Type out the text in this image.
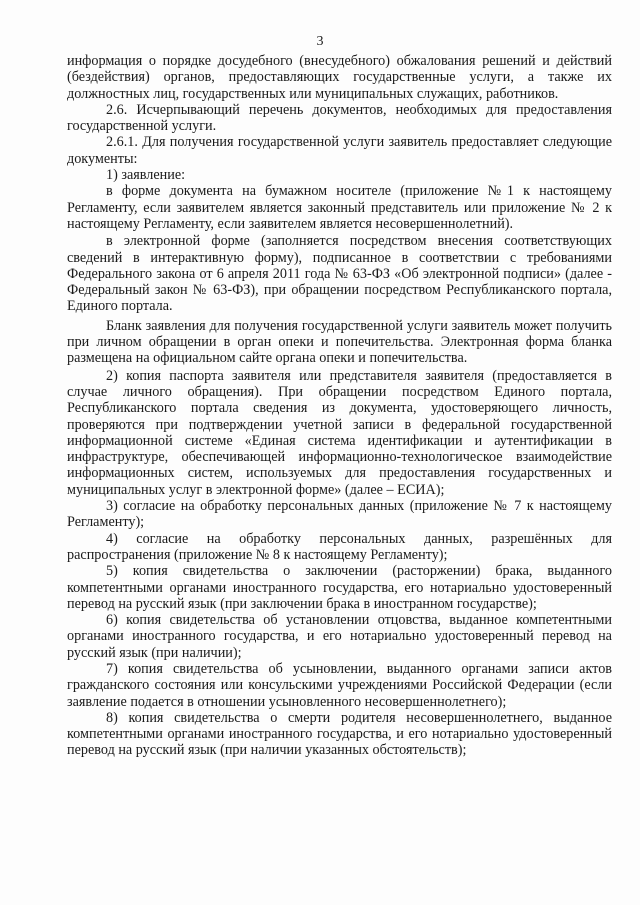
3

информация о порядке досудебного (внесудебного) обжалования решений и действий (бездействия) органов, предоставляющих государственные услуги, а также их должностных лиц, государственных или муниципальных служащих, работников.

2.6. Исчерпывающий перечень документов, необходимых для предоставления государственной услуги.

2.6.1. Для получения государственной услуги заявитель предоставляет следующие документы:

1) заявление:

в форме документа на бумажном носителе (приложение №1 к настоящему Регламенту, если заявителем является законный представитель или приложение № 2 к настоящему Регламенту, если заявителем является несовершеннолетний).

в электронной форме (заполняется посредством внесения соответствующих сведений в интерактивную форму), подписанное в соответствии с требованиями Федерального закона от 6 апреля 2011 года № 63-ФЗ «Об электронной подписи» (далее - Федеральный закон № 63-ФЗ), при обращении посредством Республиканского портала, Единого портала.

Бланк заявления для получения государственной услуги заявитель может получить при личном обращении в орган опеки и попечительства. Электронная форма бланка размещена на официальном сайте органа опеки и попечительства.

2) копия паспорта заявителя или представителя заявителя (предоставляется в случае личного обращения). При обращении посредством Единого портала, Республиканского портала сведения из документа, удостоверяющего личность, проверяются при подтверждении учетной записи в федеральной государственной информационной системе «Единая система идентификации и аутентификации в инфраструктуре, обеспечивающей информационно-технологическое взаимодействие информационных систем, используемых для предоставления государственных и муниципальных услуг в электронной форме» (далее – ЕСИА);

3) согласие на обработку персональных данных (приложение № 7 к настоящему Регламенту);

4) согласие на обработку персональных данных, разрешённых для распространения (приложение № 8 к настоящему Регламенту);

5) копия свидетельства о заключении (расторжении) брака, выданного компетентными органами иностранного государства, его нотариально удостоверенный перевод на русский язык (при заключении брака в иностранном государстве);

6) копия свидетельства об установлении отцовства, выданное компетентными органами иностранного государства, и его нотариально удостоверенный перевод на русский язык (при наличии);

7) копия свидетельства об усыновлении, выданного органами записи актов гражданского состояния или консульскими учреждениями Российской Федерации (если заявление подается в отношении усыновленного несовершеннолетнего);

8) копия свидетельства о смерти родителя несовершеннолетнего, выданное компетентными органами иностранного государства, и его нотариально удостоверенный перевод на русский язык (при наличии указанных обстоятельств);
